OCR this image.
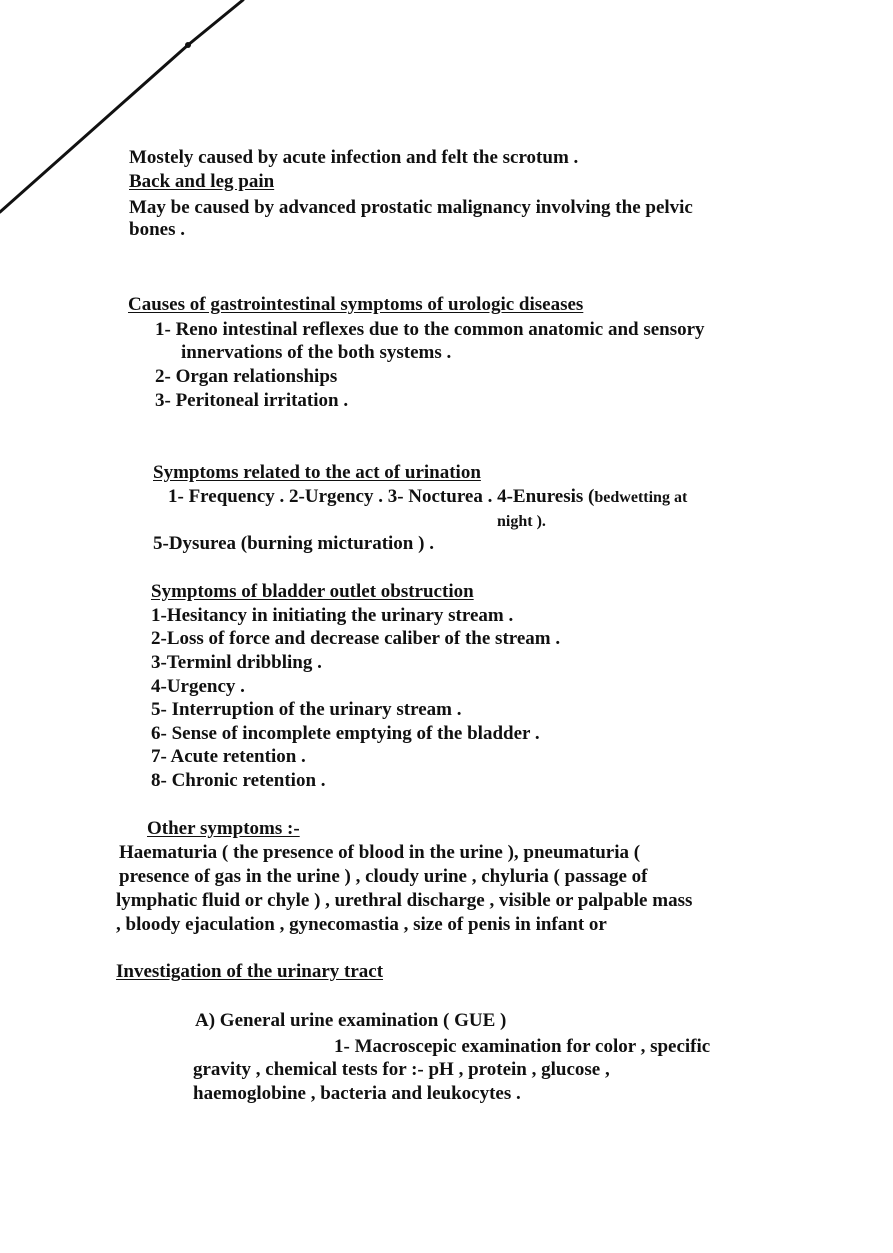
Mostely caused by acute infection and felt the scrotum .
Back and leg pain
May be caused by advanced prostatic malignancy involving the pelvic
bones .
Causes of gastrointestinal symptoms of urologic diseases
1- Reno intestinal reflexes due to the common anatomic and sensory
innervations of the both systems .
2- Organ relationships
3- Peritoneal irritation .
Symptoms related to the act of urination
1- Frequency . 2-Urgency . 3- Nocturea . 4-Enuresis (bedwetting at
night ).
5-Dysurea (burning micturation ) .
Symptoms of bladder outlet obstruction
1-Hesitancy in initiating the urinary stream .
2-Loss of force and decrease caliber of the stream .
3-Terminl dribbling .
4-Urgency .
5- Interruption of the urinary stream .
6- Sense of incomplete emptying of the bladder .
7- Acute retention .
8- Chronic retention .
Other symptoms :-
Haematuria ( the presence of blood in the urine ), pneumaturia (
presence of gas in the urine ) , cloudy urine , chyluria ( passage of
lymphatic fluid or chyle ) , urethral discharge , visible or palpable mass
, bloody ejaculation , gynecomastia , size of penis in infant or
Investigation of the urinary tract
A) General urine examination ( GUE )
1- Macroscepic examination for color , specific
gravity , chemical tests for :- pH , protein , glucose ,
haemoglobine , bacteria and leukocytes .
